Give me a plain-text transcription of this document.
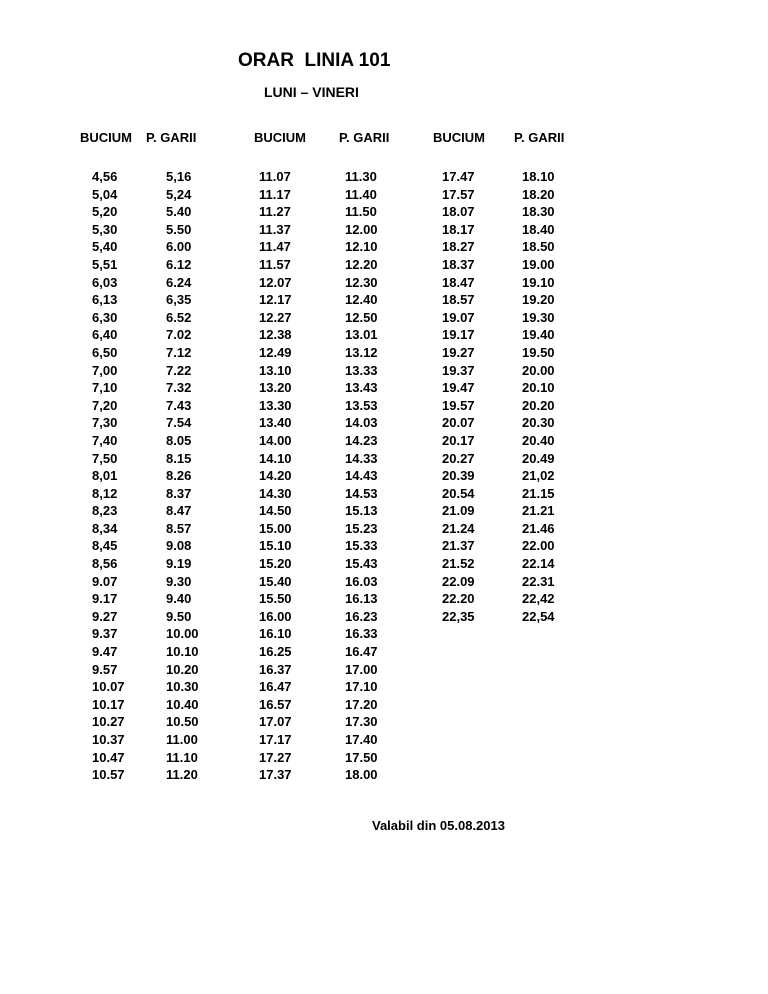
ORAR  LINIA 101
LUNI – VINERI
BUCIUM
4,56
5,04
5,20
5,30
5,40
5,51
6,03
6,13
6,30
6,40
6,50
7,00
7,10
7,20
7,30
7,40
7,50
8,01
8,12
8,23
8,34
8,45
8,56
9.07
9.17
9.27
9.37
9.47
9.57
10.07
10.17
10.27
10.37
10.47
10.57
P. GARII
5,16
5,24
5.40
5.50
6.00
6.12
6.24
6,35
6.52
7.02
7.12
7.22
7.32
7.43
7.54
8.05
8.15
8.26
8.37
8.47
8.57
9.08
9.19
9.30
9.40
9.50
10.00
10.10
10.20
10.30
10.40
10.50
11.00
11.10
11.20
BUCIUM
11.07
11.17
11.27
11.37
11.47
11.57
12.07
12.17
12.27
12.38
12.49
13.10
13.20
13.30
13.40
14.00
14.10
14.20
14.30
14.50
15.00
15.10
15.20
15.40
15.50
16.00
16.10
16.25
16.37
16.47
16.57
17.07
17.17
17.27
17.37
P. GARII
11.30
11.40
11.50
12.00
12.10
12.20
12.30
12.40
12.50
13.01
13.12
13.33
13.43
13.53
14.03
14.23
14.33
14.43
14.53
15.13
15.23
15.33
15.43
16.03
16.13
16.23
16.33
16.47
17.00
17.10
17.20
17.30
17.40
17.50
18.00
BUCIUM
17.47
17.57
18.07
18.17
18.27
18.37
18.47
18.57
19.07
19.17
19.27
19.37
19.47
19.57
20.07
20.17
20.27
20.39
20.54
21.09
21.24
21.37
21.52
22.09
22.20
22,35
P. GARII
18.10
18.20
18.30
18.40
18.50
19.00
19.10
19.20
19.30
19.40
19.50
20.00
20.10
20.20
20.30
20.40
20.49
21,02
21.15
21.21
21.46
22.00
22.14
22.31
22,42
22,54
Valabil din 05.08.2013
